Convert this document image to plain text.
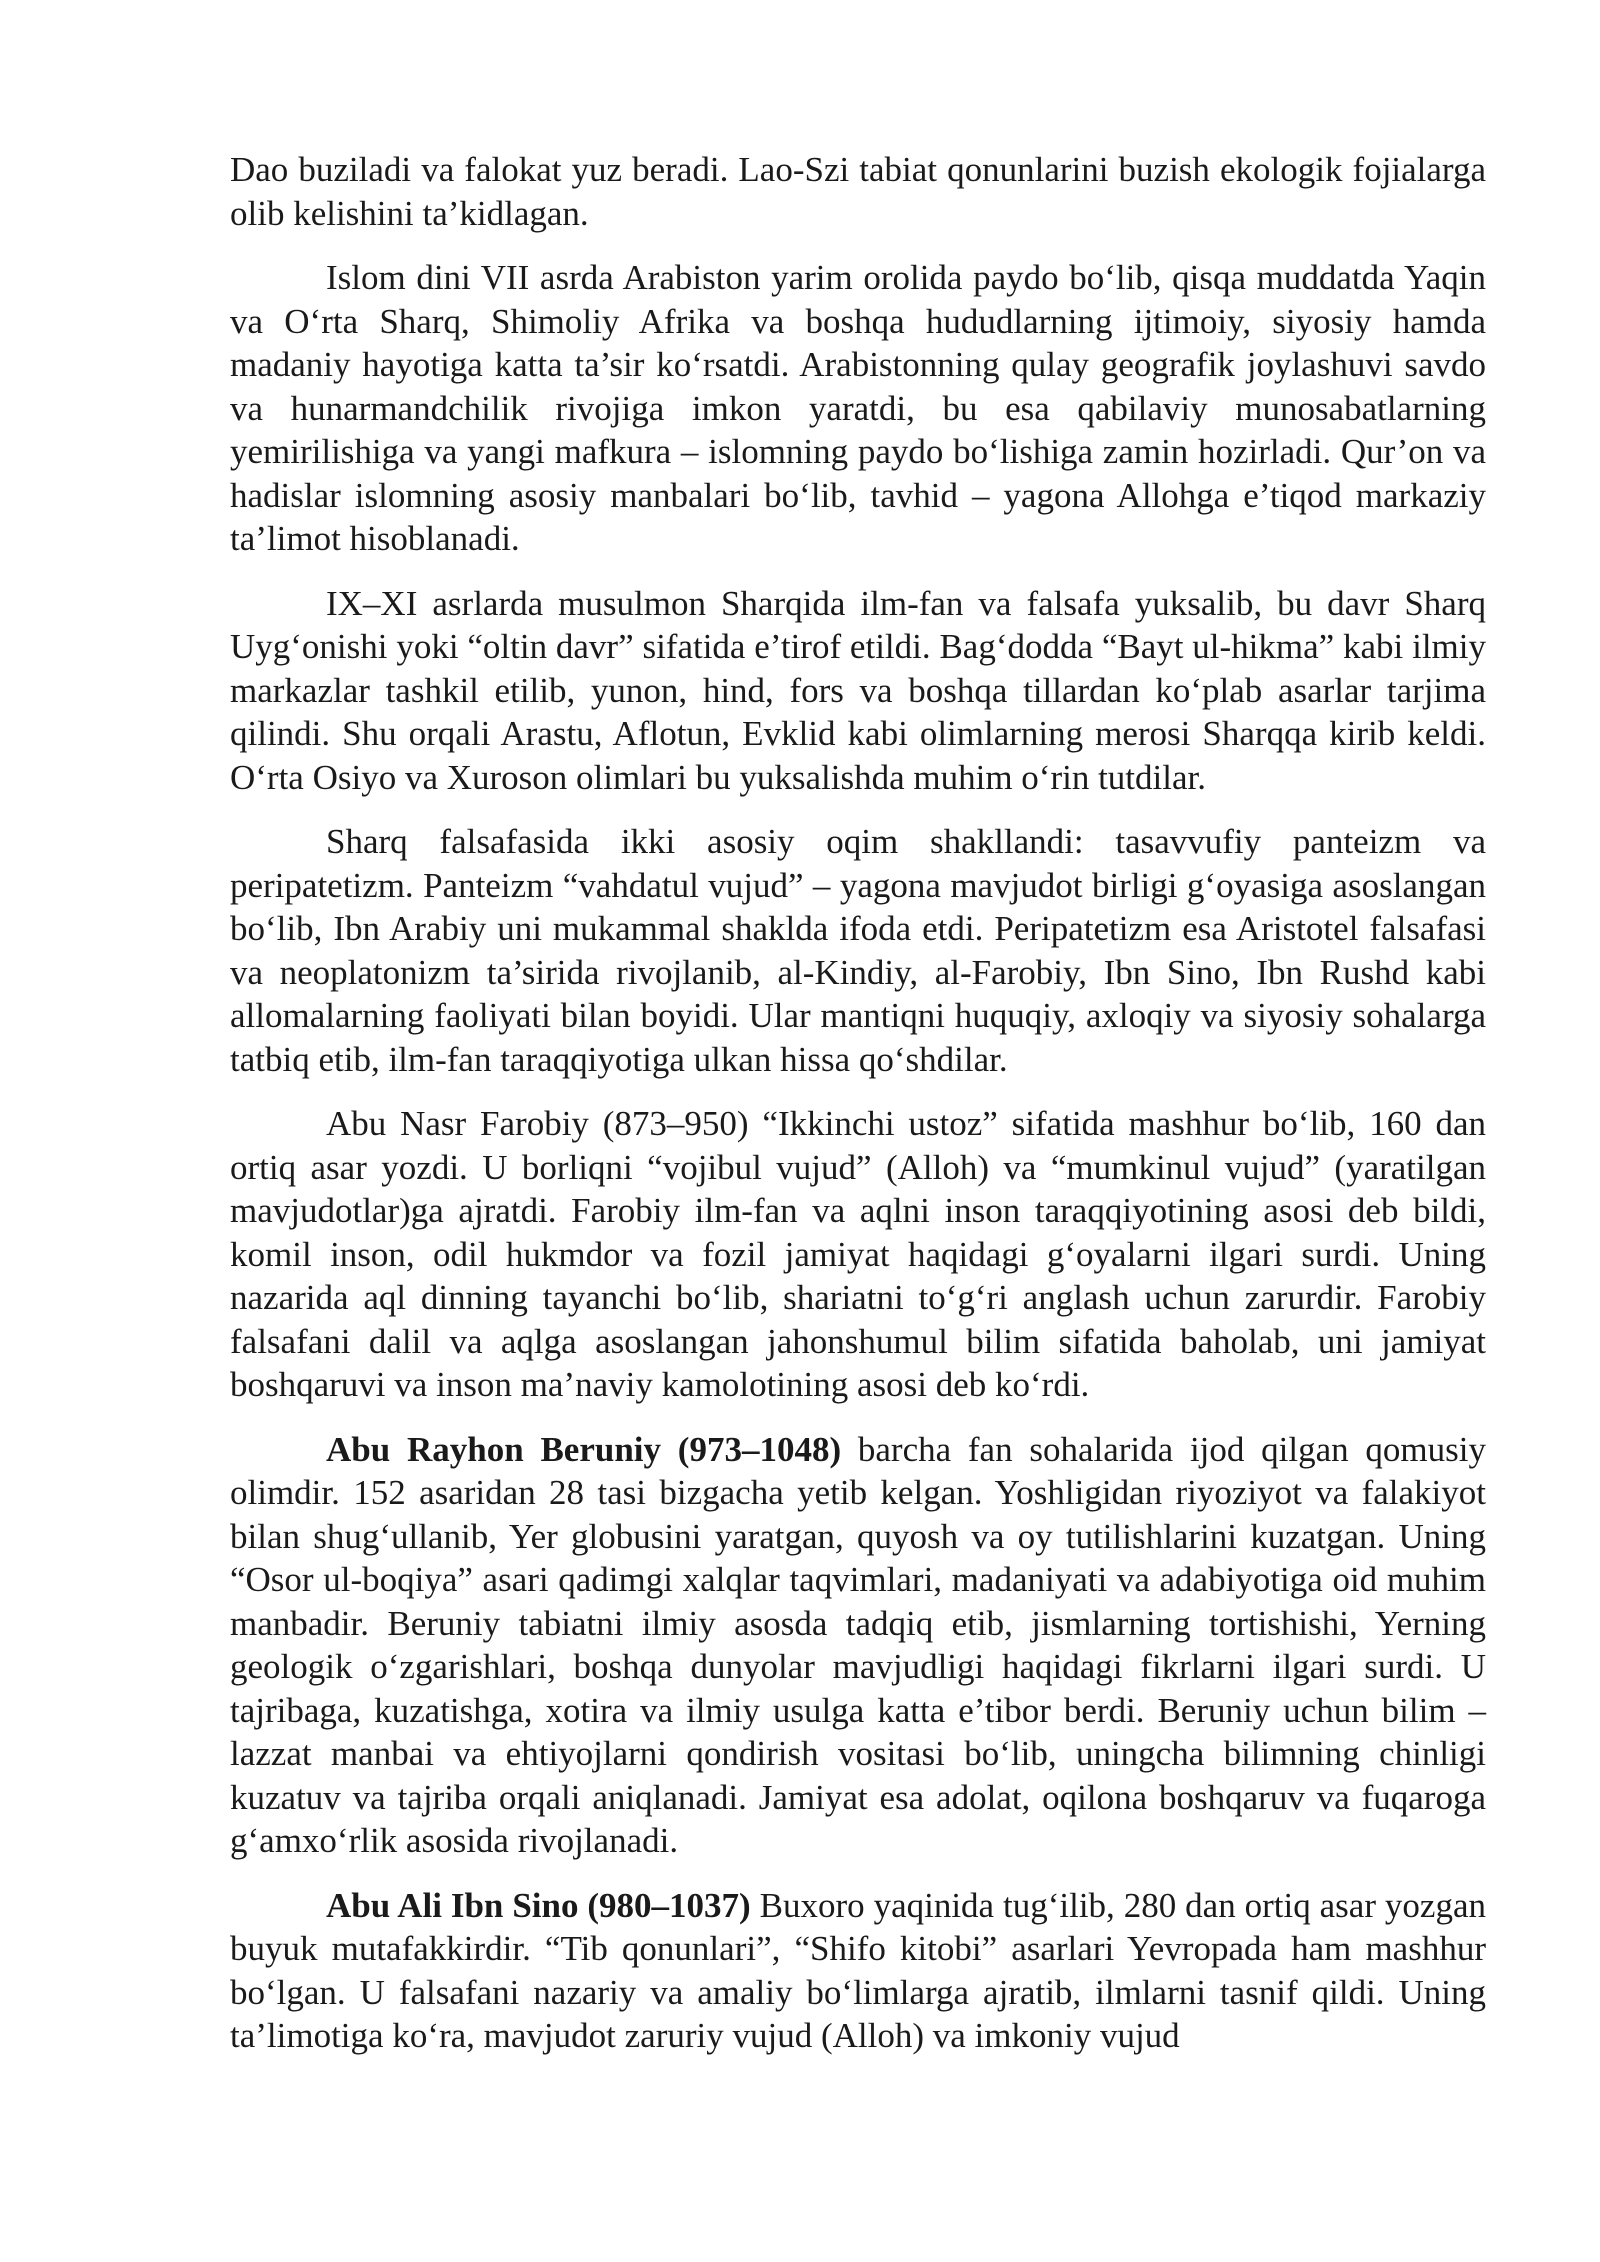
Dao buziladi va falokat yuz beradi. Lao-Szi tabiat qonunlarini buzish ekologik fojialarga olib kelishini ta’kidlagan.

Islom dini VII asrda Arabiston yarim orolida paydo bo‘lib, qisqa muddatda Yaqin va O‘rta Sharq, Shimoliy Afrika va boshqa hududlarning ijtimoiy, siyosiy hamda madaniy hayotiga katta ta’sir ko‘rsatdi. Arabistonning qulay geografik joylashuvi savdo va hunarmandchilik rivojiga imkon yaratdi, bu esa qabilaviy munosabatlarning yemirilishiga va yangi mafkura – islomning paydo bo‘lishiga zamin hozirladi. Qur’on va hadislar islomning asosiy manbalari bo‘lib, tavhid – yagona Allohga e’tiqod markaziy ta’limot hisoblanadi.

IX–XI asrlarda musulmon Sharqida ilm-fan va falsafa yuksalib, bu davr Sharq Uyg‘onishi yoki “oltin davr” sifatida e’tirof etildi. Bag‘dodda “Bayt ul-hikma” kabi ilmiy markazlar tashkil etilib, yunon, hind, fors va boshqa tillardan ko‘plab asarlar tarjima qilindi. Shu orqali Arastu, Aflotun, Evklid kabi olimlarning merosi Sharqqa kirib keldi. O‘rta Osiyo va Xuroson olimlari bu yuksalishda muhim o‘rin tutdilar.

Sharq falsafasida ikki asosiy oqim shakllandi: tasavvufiy panteizm va peripatetizm. Panteizm “vahdatul vujud” – yagona mavjudot birligi g‘oyasiga asoslangan bo‘lib, Ibn Arabiy uni mukammal shaklda ifoda etdi. Peripatetizm esa Aristotel falsafasi va neoplatonizm ta’sirida rivojlanib, al-Kindiy, al-Farobiy, Ibn Sino, Ibn Rushd kabi allomalarning faoliyati bilan boyidi. Ular mantiqni huquqiy, axloqiy va siyosiy sohalarga tatbiq etib, ilm-fan taraqqiyotiga ulkan hissa qo‘shdilar.

Abu Nasr Farobiy (873–950) “Ikkinchi ustoz” sifatida mashhur bo‘lib, 160 dan ortiq asar yozdi. U borliqni “vojibul vujud” (Alloh) va “mumkinul vujud” (yaratilgan mavjudotlar)ga ajratdi. Farobiy ilm-fan va aqlni inson taraqqiyotining asosi deb bildi, komil inson, odil hukmdor va fozil jamiyat haqidagi g‘oyalarni ilgari surdi. Uning nazarida aql dinning tayanchi bo‘lib, shariatni to‘g‘ri anglash uchun zarurdir. Farobiy falsafani dalil va aqlga asoslangan jahonshumul bilim sifatida baholab, uni jamiyat boshqaruvi va inson ma’naviy kamolotining asosi deb ko‘rdi.

Abu Rayhon Beruniy (973–1048) barcha fan sohalarida ijod qilgan qomusiy olimdir. 152 asaridan 28 tasi bizgacha yetib kelgan. Yoshligidan riyoziyot va falakiyot bilan shug‘ullanib, Yer globusini yaratgan, quyosh va oy tutilishlarini kuzatgan. Uning “Osor ul-boqiya” asari qadimgi xalqlar taqvimlari, madaniyati va adabiyotiga oid muhim manbadir. Beruniy tabiatni ilmiy asosda tadqiq etib, jismlarning tortishishi, Yerning geologik o‘zgarishlari, boshqa dunyolar mavjudligi haqidagi fikrlarni ilgari surdi. U tajribaga, kuzatishga, xotira va ilmiy usulga katta e’tibor berdi. Beruniy uchun bilim – lazzat manbai va ehtiyojlarni qondirish vositasi bo‘lib, uningcha bilimning chinligi kuzatuv va tajriba orqali aniqlanadi. Jamiyat esa adolat, oqilona boshqaruv va fuqaroga g‘amxo‘rlik asosida rivojlanadi.

Abu Ali Ibn Sino (980–1037) Buxoro yaqinida tug‘ilib, 280 dan ortiq asar yozgan buyuk mutafakkirdir. “Tib qonunlari”, “Shifo kitobi” asarlari Yevropada ham mashhur bo‘lgan. U falsafani nazariy va amaliy bo‘limlarga ajratib, ilmlarni tasnif qildi. Uning ta’limotiga ko‘ra, mavjudot zaruriy vujud (Alloh) va imkoniy vujud
